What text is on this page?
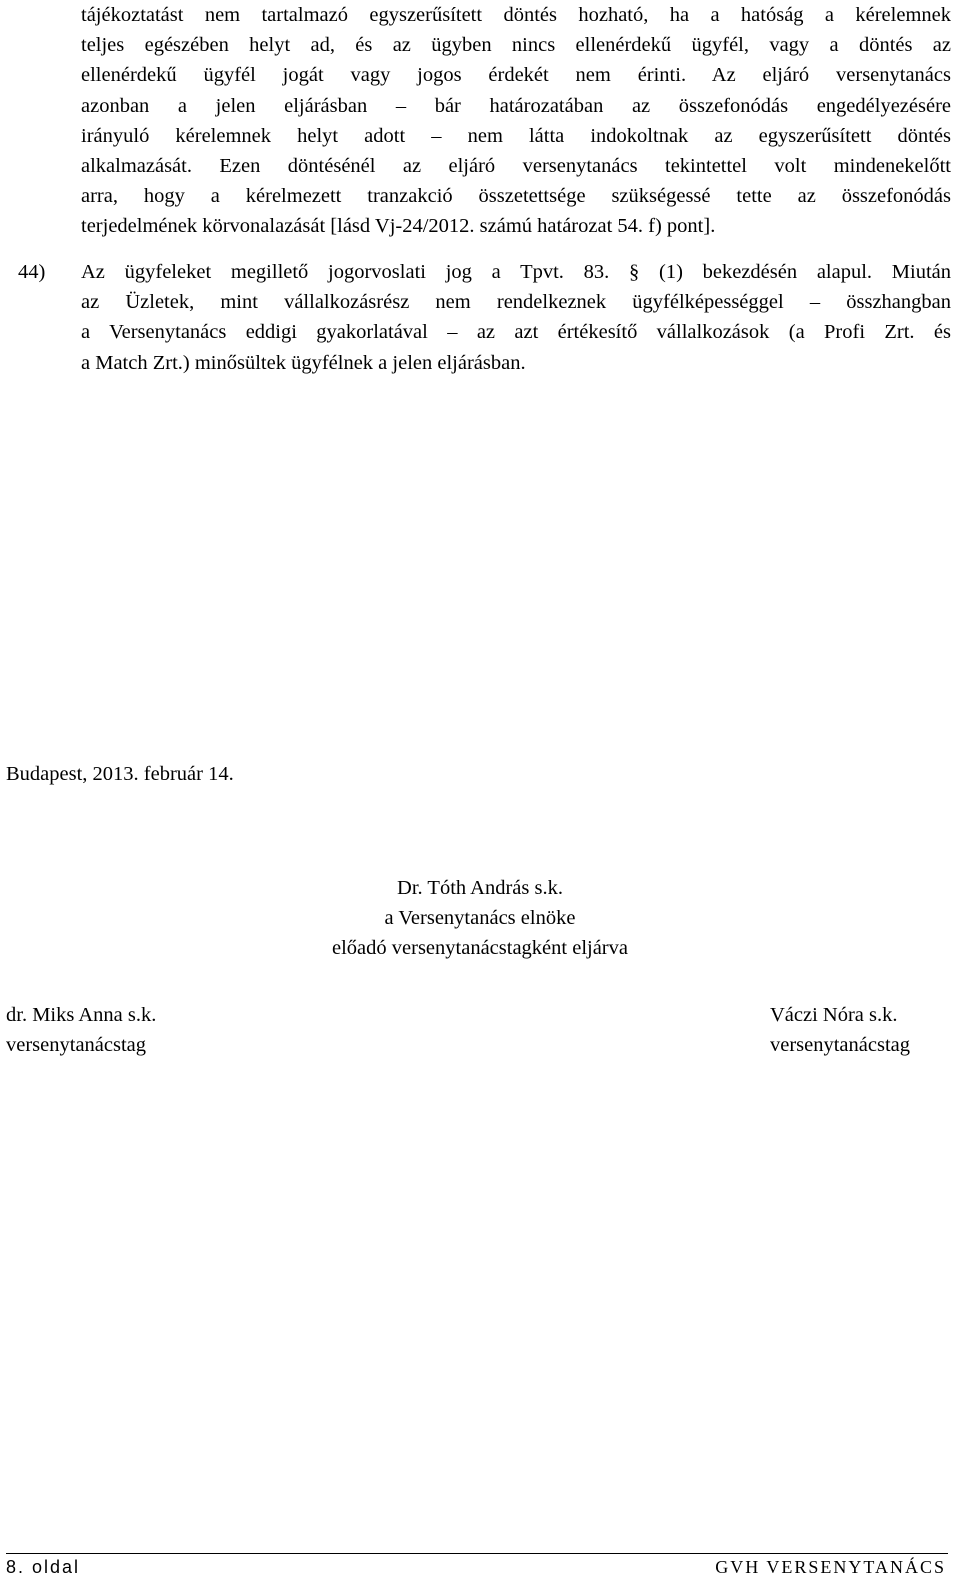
tájékoztatást nem tartalmazó egyszerűsített döntés hozható, ha a hatóság a kérelemnek
teljes egészében helyt ad, és az ügyben nincs ellenérdekű ügyfél, vagy a döntés az
ellenérdekű ügyfél jogát vagy jogos érdekét nem érinti. Az eljáró versenytanács
azonban a jelen eljárásban – bár határozatában az összefonódás engedélyezésére
irányuló kérelemnek helyt adott – nem látta indokoltnak az egyszerűsített döntés
alkalmazását. Ezen döntésénél az eljáró versenytanács tekintettel volt mindenekelőtt
arra, hogy a kérelmezett tranzakció összetettsége szükségessé tette az összefonódás
terjedelmének körvonalazását [lásd Vj-24/2012. számú határozat 54. f) pont].

44) Az ügyfeleket megillető jogorvoslati jog a Tpvt. 83. § (1) bekezdésén alapul. Miután
az Üzletek, mint vállalkozásrész nem rendelkeznek ügyfélképességgel – összhangban
a Versenytanács eddigi gyakorlatával – az azt értékesítő vállalkozások (a Profi Zrt. és
a Match Zrt.) minősültek ügyfélnek a jelen eljárásban.

Budapest, 2013. február 14.

Dr. Tóth András s.k.
a Versenytanács elnöke
előadó versenytanácstagként eljárva
dr. Miks Anna s.k.
versenytanácstag
Váczi Nóra s.k.
versenytanácstag

8. oldal	GVH VERSENYTANÁCS
